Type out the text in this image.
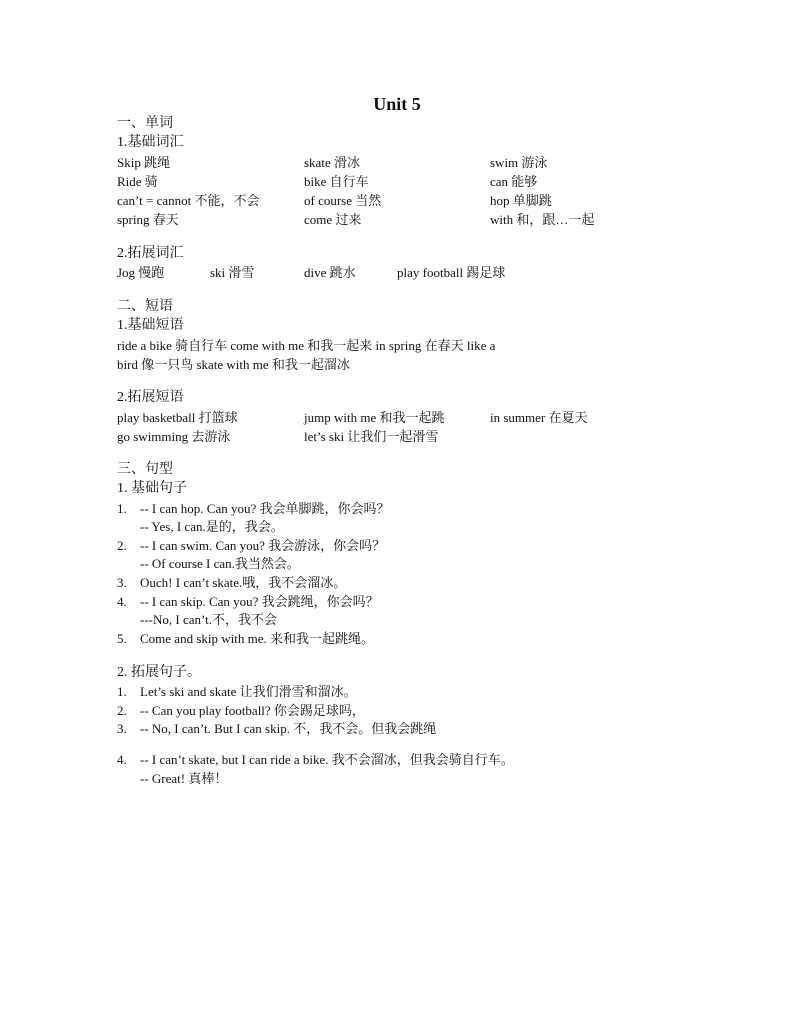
Unit 5
一、单词
1.基础词汇
Skip 跳绳	skate 滑冰	swim 游泳
Ride 骑	bike 自行车	can 能够
can’t = cannot 不能，不会	of course 当然	hop 单脚跳
spring 春天	come 过来	with 和，跟…一起
2.拓展词汇
Jog 慢跑	ski 滑雪	dive 跳水	play football 踢足球
二、短语
1.基础短语
ride a bike 骑自行车 come with me 和我一起来 in spring 在春天 like a
bird 像一只鸟 skate with me 和我一起溜冰
2.拓展短语
play basketball 打篮球	jump with me 和我一起跳	in summer 在夏天
go swimming 去游泳	let’s ski 让我们一起滑雪
三、句型
1. 基础句子
1. -- I can hop. Can you? 我会单脚跳，你会吗？
-- Yes, I can.是的，我会。
2. -- I can swim. Can you? 我会游泳，你会吗？
-- Of course I can.我当然会。
3. Ouch! I can’t skate.哦，我不会溜冰。
4. -- I can skip. Can you? 我会跳绳，你会吗？
---No, I can’t.不，我不会
5. Come and skip with me. 来和我一起跳绳。
2. 拓展句子。
1. Let’s ski and skate 让我们滑雪和溜冰。
2. -- Can you play football? 你会踢足球吗，
3. -- No, I can’t. But I can skip. 不，我不会。但我会跳绳
4. -- I can’t skate, but I can ride a bike. 我不会溜冰，但我会骑自行车。
-- Great! 真棒！
